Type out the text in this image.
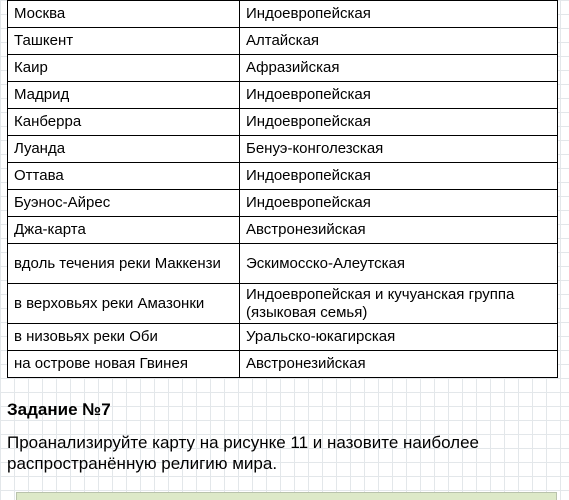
Москва	Индоевропейская
Ташкент	Алтайская
Каир	Афразийская
Мадрид	Индоевропейская
Канберра	Индоевропейская
Луанда	Бенуэ-конголезская
Оттава	Индоевропейская
Буэнос-Айрес	Индоевропейская
Джа-карта	Австронезийская
вдоль течения реки Маккензи	Эскимосско-Алеутская
в верховьях реки Амазонки	Индоевропейская и кучуанская группа (языковая семья)
в низовьях реки Оби	Уральско-юкагирская
на острове новая Гвинея	Австронезийская
Задание №7
Проанализируйте карту на рисунке 11 и назовите наиболее распространённую религию мира.
